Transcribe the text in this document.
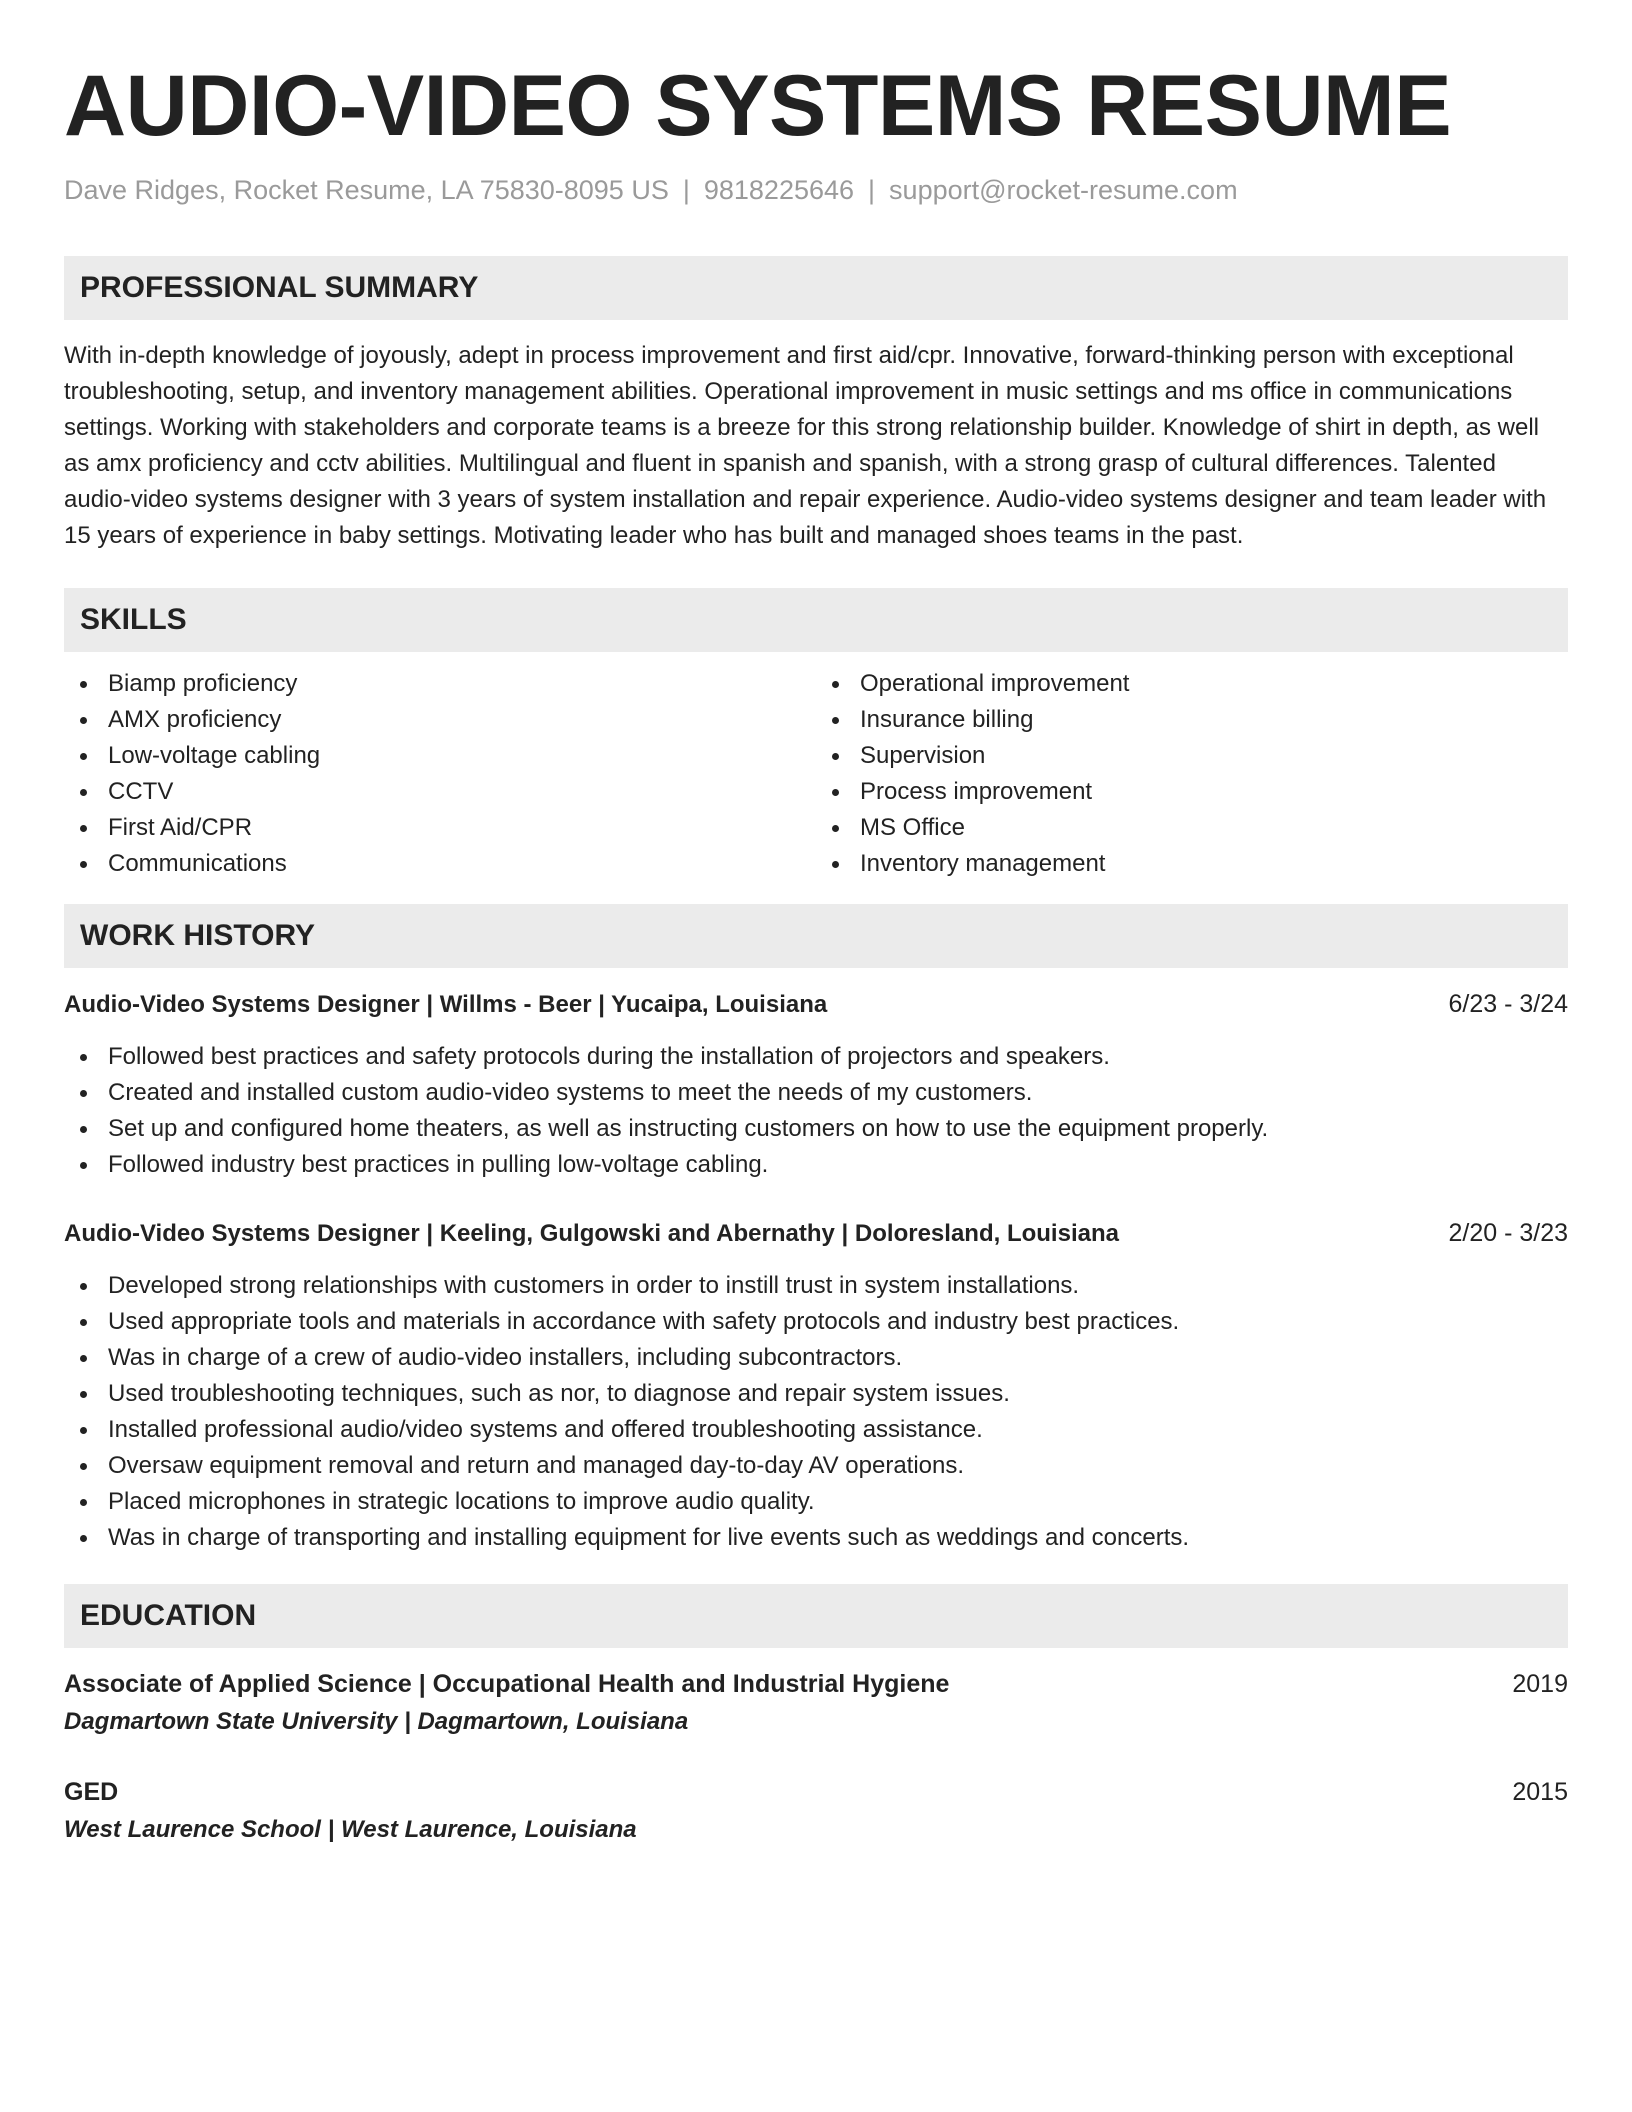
AUDIO-VIDEO SYSTEMS RESUME
Dave Ridges, Rocket Resume, LA 75830-8095 US | 9818225646 | support@rocket-resume.com
PROFESSIONAL SUMMARY

With in-depth knowledge of joyously, adept in process improvement and first aid/cpr. Innovative, forward-thinking person with exceptional troubleshooting, setup, and inventory management abilities. Operational improvement in music settings and ms office in communications settings. Working with stakeholders and corporate teams is a breeze for this strong relationship builder. Knowledge of shirt in depth, as well as amx proficiency and cctv abilities. Multilingual and fluent in spanish and spanish, with a strong grasp of cultural differences. Talented audio-video systems designer with 3 years of system installation and repair experience. Audio-video systems designer and team leader with 15 years of experience in baby settings. Motivating leader who has built and managed shoes teams in the past.

SKILLS
Biamp proficiency
AMX proficiency
Low-voltage cabling
CCTV
First Aid/CPR
Communications
Operational improvement
Insurance billing
Supervision
Process improvement
MS Office
Inventory management
WORK HISTORY
Audio-Video Systems Designer | Willms - Beer | Yucaipa, Louisiana	6/23 - 3/24
Followed best practices and safety protocols during the installation of projectors and speakers.
Created and installed custom audio-video systems to meet the needs of my customers.
Set up and configured home theaters, as well as instructing customers on how to use the equipment properly.
Followed industry best practices in pulling low-voltage cabling.
Audio-Video Systems Designer | Keeling, Gulgowski and Abernathy | Doloresland, Louisiana	2/20 - 3/23
Developed strong relationships with customers in order to instill trust in system installations.
Used appropriate tools and materials in accordance with safety protocols and industry best practices.
Was in charge of a crew of audio-video installers, including subcontractors.
Used troubleshooting techniques, such as nor, to diagnose and repair system issues.
Installed professional audio/video systems and offered troubleshooting assistance.
Oversaw equipment removal and return and managed day-to-day AV operations.
Placed microphones in strategic locations to improve audio quality.
Was in charge of transporting and installing equipment for live events such as weddings and concerts.
EDUCATION
Associate of Applied Science | Occupational Health and Industrial Hygiene	2019
Dagmartown State University | Dagmartown, Louisiana
GED	2015
West Laurence School | West Laurence, Louisiana
